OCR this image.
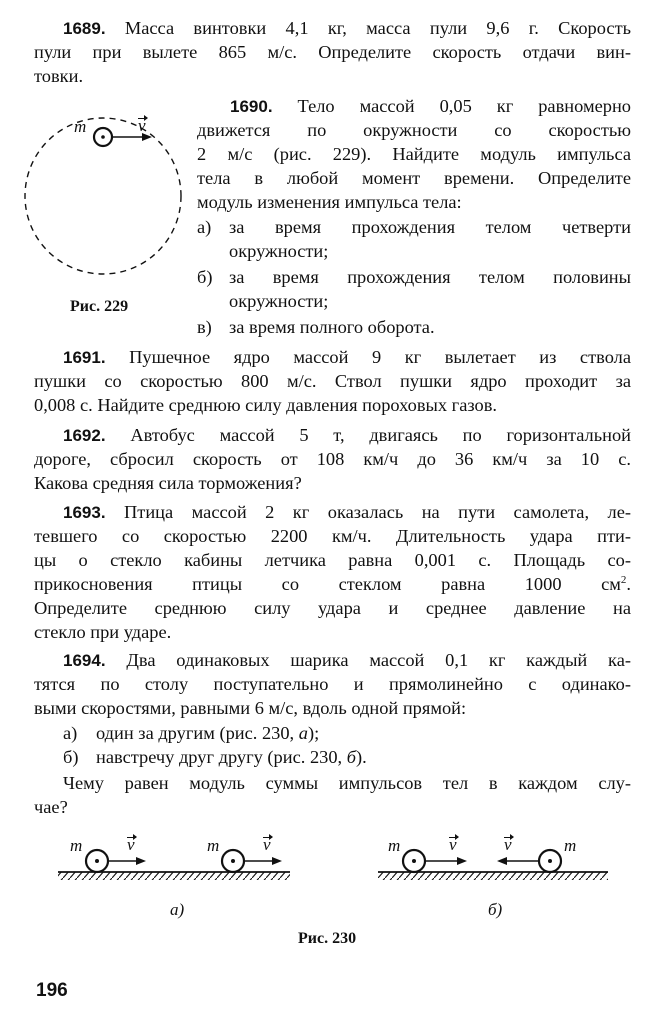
1689. Масса винтовки 4,1 кг, масса пули 9,6 г. Скорость
пули при вылете 865 м/с. Определите скорость отдачи вин-
товки.
1690. Тело массой 0,05 кг равномерно
движется по окружности со скоростью
2 м/с (рис. 229). Найдите модуль импульса
тела в любой момент времени. Определите
модуль изменения импульса тела:
а) за время прохождения телом четверти
окружности;
б) за время прохождения телом половины
окружности;
в) за время полного оборота.
m	v
Рис. 229
1691. Пушечное ядро массой 9 кг вылетает из ствола
пушки со скоростью 800 м/с. Ствол пушки ядро проходит за
0,008 с. Найдите среднюю силу давления пороховых газов.
1692. Автобус массой 5 т, двигаясь по горизонтальной
дороге, сбросил скорость от 108 км/ч до 36 км/ч за 10 с.
Какова средняя сила торможения?
1693. Птица массой 2 кг оказалась на пути самолета, ле-
тевшего со скоростью 2200 км/ч. Длительность удара пти-
цы о стекло кабины летчика равна 0,001 с. Площадь со-
прикосновения птицы со стеклом равна 1000 $см^2$.
Определите среднюю силу удара и среднее давление на
стекло при ударе.
1694. Два одинаковых шарика массой 0,1 кг каждый ка-
тятся по столу поступательно и прямолинейно с одинако-
выми скоростями, равными 6 м/с, вдоль одной прямой:
а) один за другим (рис. 230, а);
б) навстречу друг другу (рис. 230, б).
Чему равен модуль суммы импульсов тел в каждом слу-
чае?
m	v	m	v	m	v	v	m
а)	б)
Рис. 230
196
